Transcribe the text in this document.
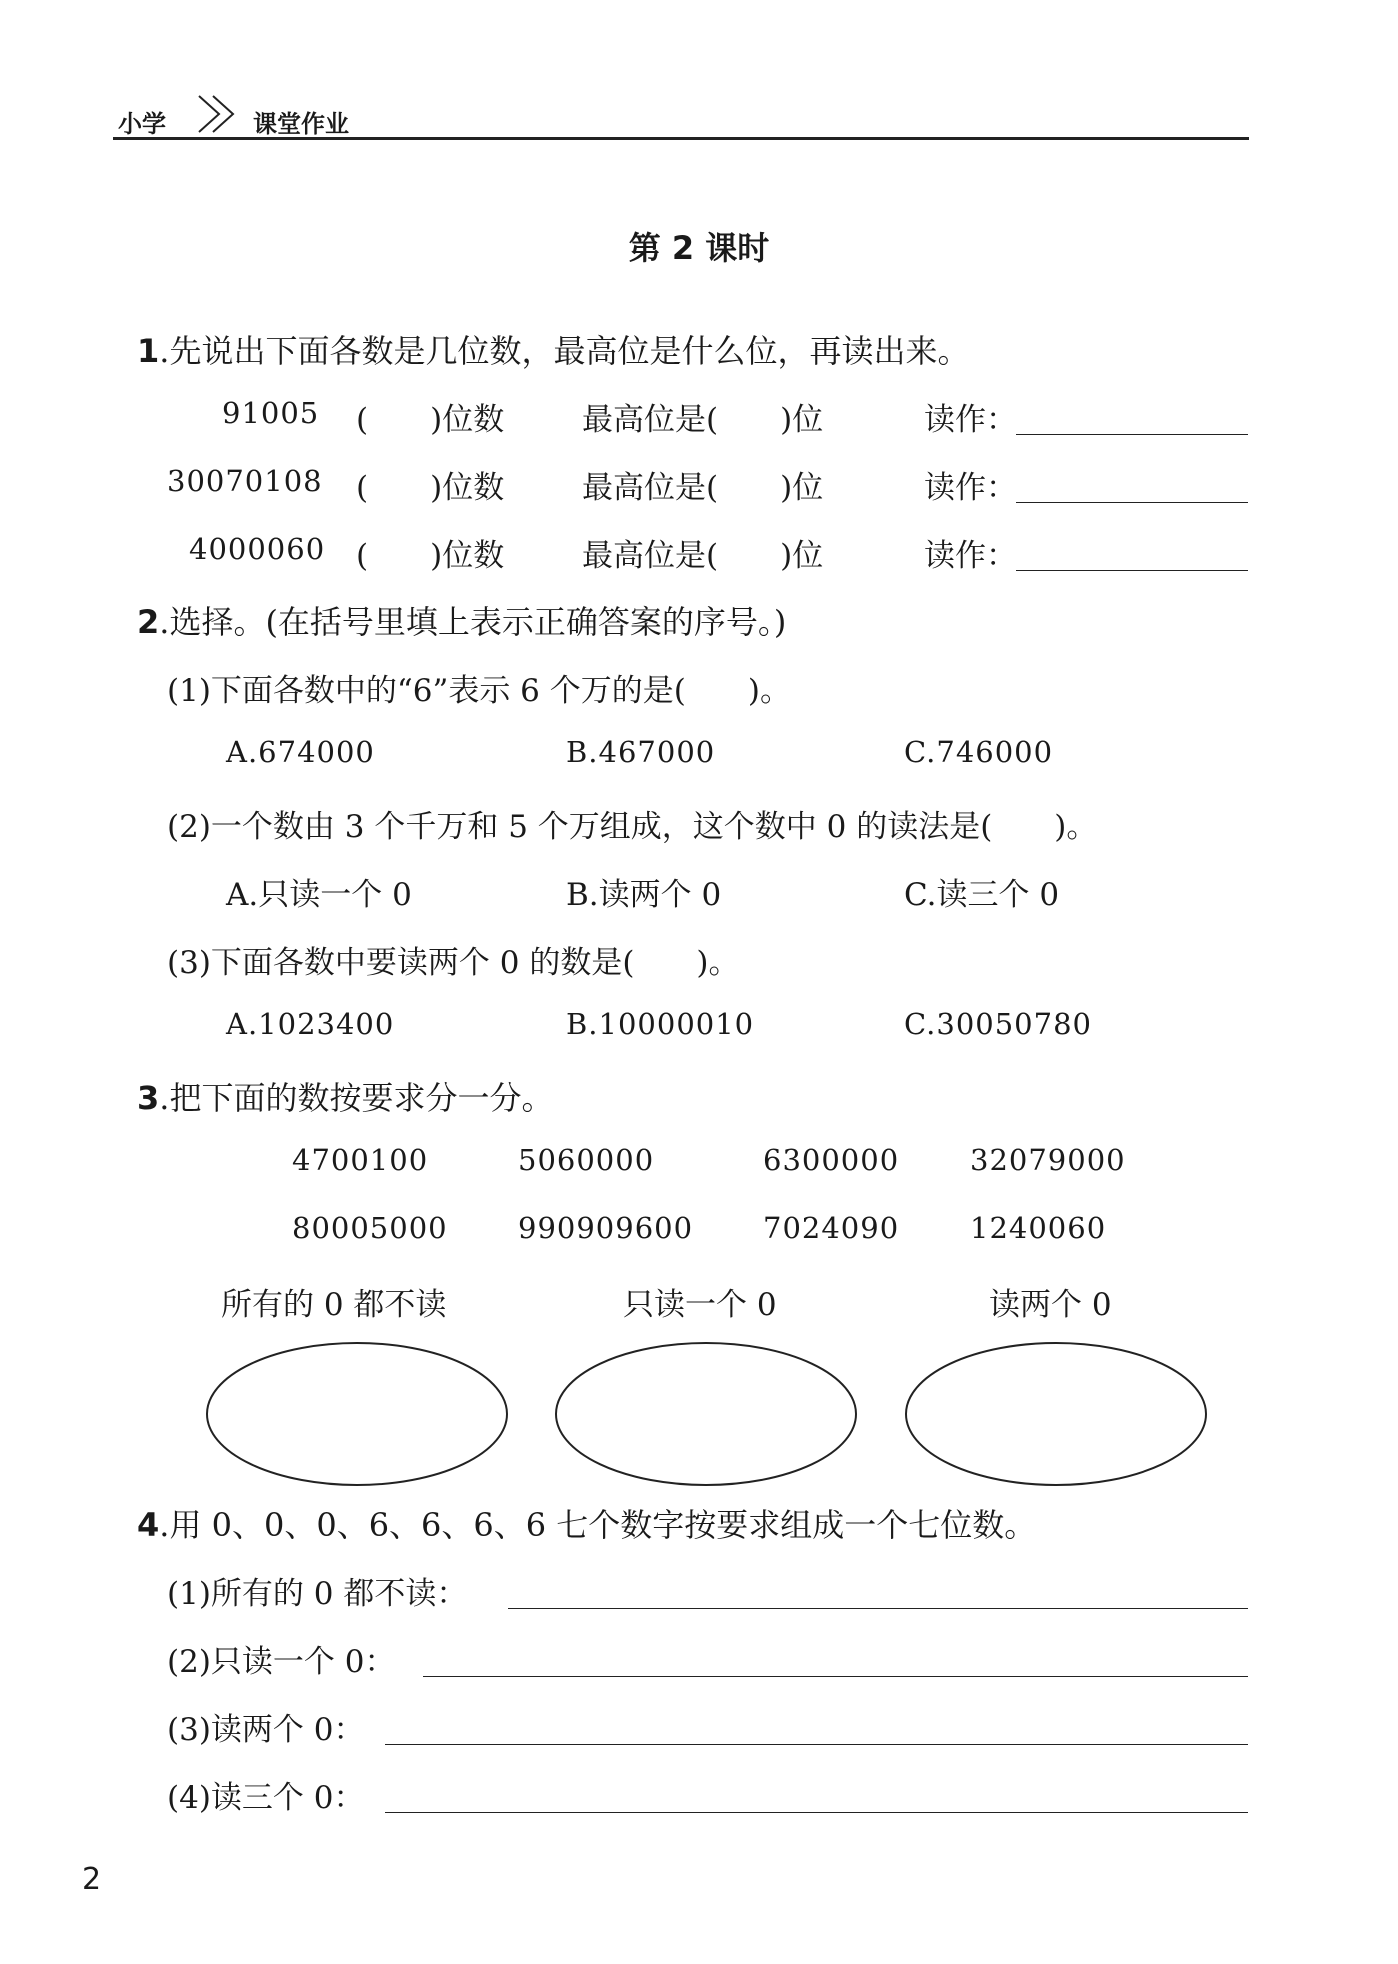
小学	课堂作业
第 2 课时
1.先说出下面各数是几位数，最高位是什么位，再读出来。
91005 (　　)位数	最高位是(　　)位	读作：
30070108 (　　)位数	最高位是(　　)位	读作：
4000060 (　　)位数	最高位是(　　)位	读作：
2.选择。(在括号里填上表示正确答案的序号。)
(1)下面各数中的“6”表示 6 个万的是(　　)。
A.674000	B.467000	C.746000
(2)一个数由 3 个千万和 5 个万组成，这个数中 0 的读法是(　　)。
A.只读一个 0	B.读两个 0	C.读三个 0
(3)下面各数中要读两个 0 的数是(　　)。
A.1023400	B.10000010	C.30050780
3.把下面的数按要求分一分。
4700100	5060000	6300000 32079000
80005000 990909600 7024090 1240060
所有的 0 都不读	只读一个 0	读两个 0
4.用 0、0、0、6、6、6、6 七个数字按要求组成一个七位数。
(1)所有的 0 都不读：
(2)只读一个 0：
(3)读两个 0：
(4)读三个 0：
2
